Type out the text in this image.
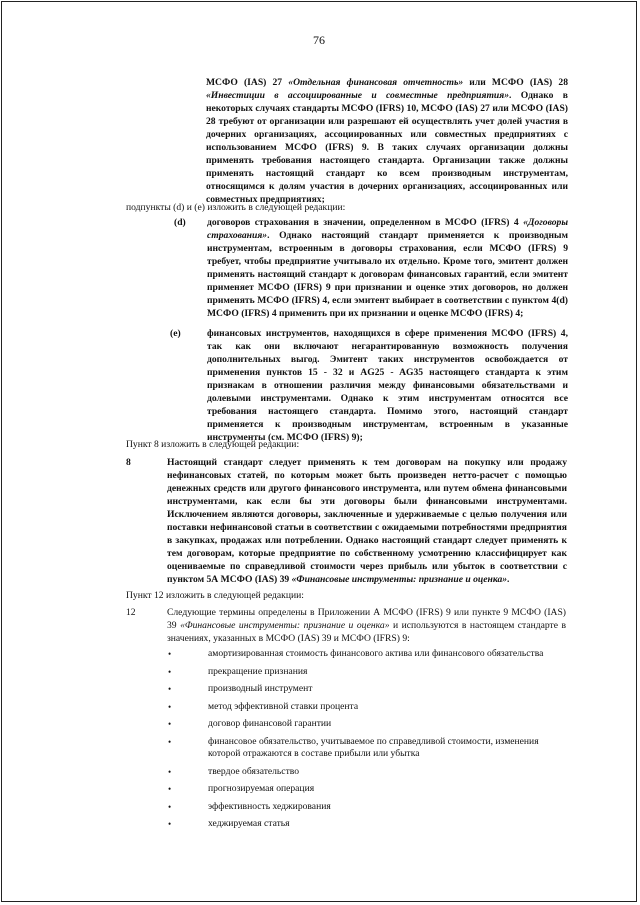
76
МСФО (IAS) 27 «Отдельная финансовая отчетность» или МСФО (IAS) 28 «Инвестиции в ассоциированные и совместные предприятия». Однако в некоторых случаях стандарты МСФО (IFRS) 10, МСФО (IAS) 27 или МСФО (IAS) 28 требуют от организации или разрешают ей осуществлять учет долей участия в дочерних организациях, ассоциированных или совместных предприятиях с использованием МСФО (IFRS) 9. В таких случаях организации должны применять требования настоящего стандарта. Организации также должны применять настоящий стандарт ко всем производным инструментам, относящимся к долям участия в дочерних организациях, ассоциированных или совместных предприятиях;
подпункты (d) и (е) изложить в следующей редакции:
(d) договоров страхования в значении, определенном в МСФО (IFRS) 4 «Договоры страхования». Однако настоящий стандарт применяется к производным инструментам, встроенным в договоры страхования, если МСФО (IFRS) 9 требует, чтобы предприятие учитывало их отдельно. Кроме того, эмитент должен применять настоящий стандарт к договорам финансовых гарантий, если эмитент применяет МСФО (IFRS) 9 при признании и оценке этих договоров, но должен применять МСФО (IFRS) 4, если эмитент выбирает в соответствии с пунктом 4(d) МСФО (IFRS) 4 применить при их признании и оценке МСФО (IFRS) 4;
(e)	финансовых инструментов, находящихся в сфере применения МСФО (IFRS) 4, так как они включают негарантированную возможность получения дополнительных выгод. Эмитент таких инструментов освобождается от применения пунктов 15 - 32 и AG25 - AG35 настоящего стандарта к этим признакам в отношении различия между финансовыми обязательствами и долевыми инструментами. Однако к этим инструментам относятся все требования настоящего стандарта. Помимо этого, настоящий стандарт применяется к производным инструментам, встроенным в указанные инструменты (см. МСФО (IFRS) 9);
Пункт 8 изложить в следующей редакции:
8	Настоящий стандарт следует применять к тем договорам на покупку или продажу нефинансовых статей, по которым может быть произведен нетто-расчет с помощью денежных средств или другого финансового инструмента, или путем обмена финансовыми инструментами, как если бы эти договоры были финансовыми инструментами. Исключением являются договоры, заключенные и удерживаемые с целью получения или поставки нефинансовой статьи в соответствии с ожидаемыми потребностями предприятия в закупках, продажах или потреблении. Однако настоящий стандарт следует применять к тем договорам, которые предприятие по собственному усмотрению классифицирует как оцениваемые по справедливой стоимости через прибыль или убыток в соответствии с пунктом 5А МСФО (IAS) 39 «Финансовые инструменты: признание и оценка».
Пункт 12 изложить в следующей редакции:
12	Следующие термины определены в Приложении А МСФО (IFRS) 9 или пункте 9 МСФО (IAS) 39 «Финансовые инструменты: признание и оценка» и используются в настоящем стандарте в значениях, указанных в МСФО (IAS) 39 и МСФО (IFRS) 9:
•	амортизированная стоимость финансового актива или финансового обязательства
•	прекращение признания
•	производный инструмент
•	метод эффективной ставки процента
•	договор финансовой гарантии
•	финансовое обязательство, учитываемое по справедливой стоимости, изменения которой отражаются в составе прибыли или убытка
•	твердое обязательство
•	прогнозируемая операция
•	эффективность хеджирования
•	хеджируемая статья
